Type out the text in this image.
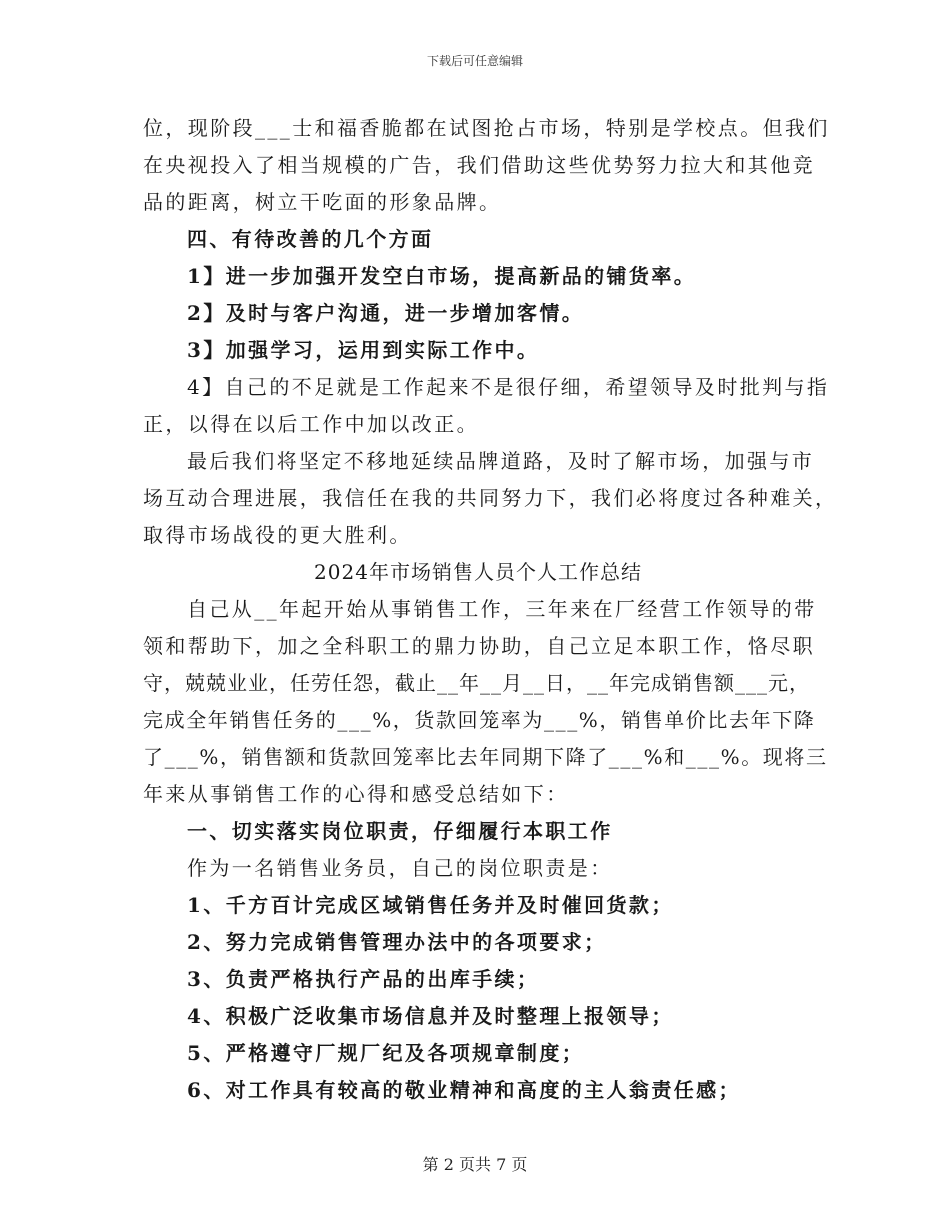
下载后可任意编辑

位，现阶段___士和福香脆都在试图抢占市场，特别是学校点。但我们

在央视投入了相当规模的广告，我们借助这些优势努力拉大和其他竞

品的距离，树立干吃面的形象品牌。

四、有待改善的几个方面

1】进一步加强开发空白市场，提高新品的铺货率。

2】及时与客户沟通，进一步增加客情。

3】加强学习，运用到实际工作中。

4】自己的不足就是工作起来不是很仔细，希望领导及时批判与指

正，以得在以后工作中加以改正。

最后我们将坚定不移地延续品牌道路，及时了解市场，加强与市

场互动合理进展，我信任在我的共同努力下，我们必将度过各种难关，

取得市场战役的更大胜利。

2024年市场销售人员个人工作总结

自己从__年起开始从事销售工作，三年来在厂经营工作领导的带

领和帮助下，加之全科职工的鼎力协助，自己立足本职工作，恪尽职

守，兢兢业业，任劳任怨，截止__年__月__日，__年完成销售额___元，

完成全年销售任务的___%，货款回笼率为___%，销售单价比去年下降

了___%，销售额和货款回笼率比去年同期下降了___%和___%。现将三

年来从事销售工作的心得和感受总结如下：

一、切实落实岗位职责，仔细履行本职工作

作为一名销售业务员，自己的岗位职责是：

1、千方百计完成区域销售任务并及时催回货款；

2、努力完成销售管理办法中的各项要求；

3、负责严格执行产品的出库手续；

4、积极广泛收集市场信息并及时整理上报领导；

5、严格遵守厂规厂纪及各项规章制度；

6、对工作具有较高的敬业精神和高度的主人翁责任感；

第 2 页共 7 页
